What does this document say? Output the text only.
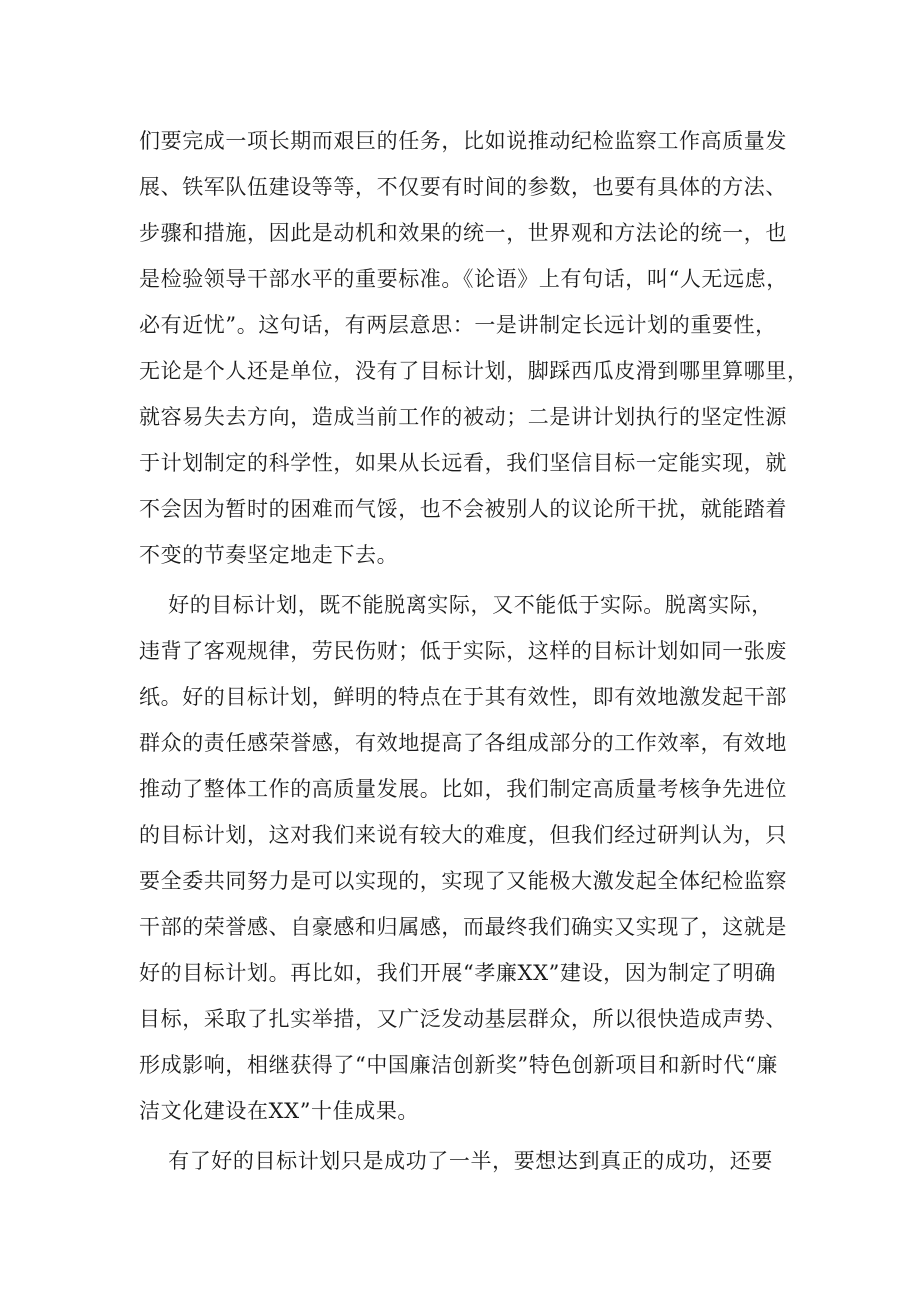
们要完成一项长期而艰巨的任务，比如说推动纪检监察工作高质量发
展、铁军队伍建设等等，不仅要有时间的参数，也要有具体的方法、
步骤和措施，因此是动机和效果的统一，世界观和方法论的统一，也
是检验领导干部水平的重要标准。《论语》上有句话，叫“人无远虑，
必有近忧”。这句话，有两层意思：一是讲制定长远计划的重要性，
无论是个人还是单位，没有了目标计划，脚踩西瓜皮滑到哪里算哪里，
就容易失去方向，造成当前工作的被动；二是讲计划执行的坚定性源
于计划制定的科学性，如果从长远看，我们坚信目标一定能实现，就
不会因为暂时的困难而气馁，也不会被别人的议论所干扰，就能踏着
不变的节奏坚定地走下去。
好的目标计划，既不能脱离实际，又不能低于实际。脱离实际，
违背了客观规律，劳民伤财；低于实际，这样的目标计划如同一张废
纸。好的目标计划，鲜明的特点在于其有效性，即有效地激发起干部
群众的责任感荣誉感，有效地提高了各组成部分的工作效率，有效地
推动了整体工作的高质量发展。比如，我们制定高质量考核争先进位
的目标计划，这对我们来说有较大的难度，但我们经过研判认为，只
要全委共同努力是可以实现的，实现了又能极大激发起全体纪检监察
干部的荣誉感、自豪感和归属感，而最终我们确实又实现了，这就是
好的目标计划。再比如，我们开展“孝廉XX”建设，因为制定了明确
目标，采取了扎实举措，又广泛发动基层群众，所以很快造成声势、
形成影响，相继获得了“中国廉洁创新奖”特色创新项目和新时代“廉
洁文化建设在XX”十佳成果。
有了好的目标计划只是成功了一半，要想达到真正的成功，还要
